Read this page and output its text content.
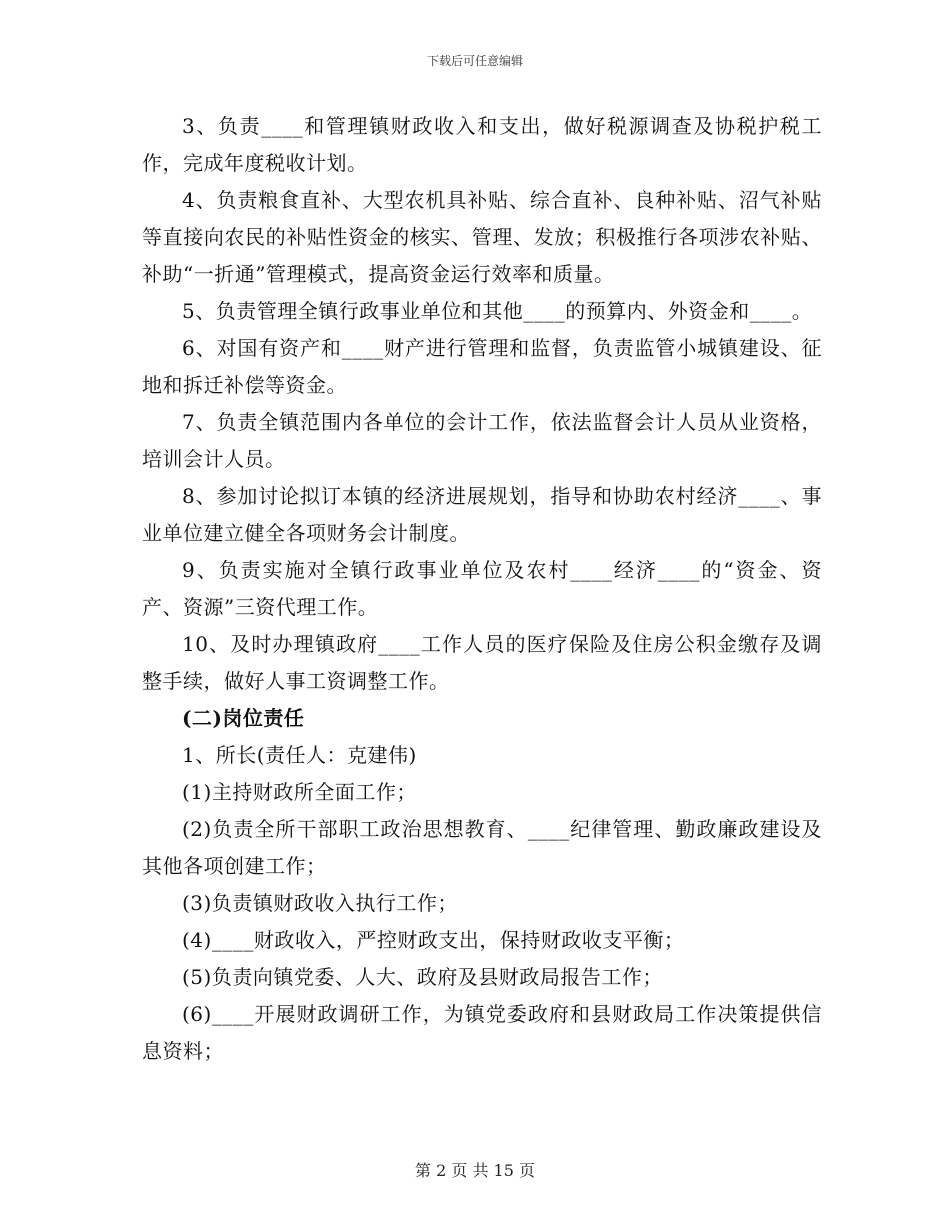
下载后可任意编辑

3、负责____和管理镇财政收入和支出，做好税源调查及协税护税工作，完成年度税收计划。

4、负责粮食直补、大型农机具补贴、综合直补、良种补贴、沼气补贴等直接向农民的补贴性资金的核实、管理、发放；积极推行各项涉农补贴、补助“一折通”管理模式，提高资金运行效率和质量。

5、负责管理全镇行政事业单位和其他____的预算内、外资金和____。

6、对国有资产和____财产进行管理和监督，负责监管小城镇建设、征地和拆迁补偿等资金。

7、负责全镇范围内各单位的会计工作，依法监督会计人员从业资格，培训会计人员。

8、参加讨论拟订本镇的经济进展规划，指导和协助农村经济____、事业单位建立健全各项财务会计制度。

9、负责实施对全镇行政事业单位及农村____经济____的“资金、资产、资源”三资代理工作。

10、及时办理镇政府____工作人员的医疗保险及住房公积金缴存及调整手续，做好人事工资调整工作。

(二)岗位责任

1、所长(责任人：克建伟)

(1)主持财政所全面工作；

(2)负责全所干部职工政治思想教育、____纪律管理、勤政廉政建设及其他各项创建工作；

(3)负责镇财政收入执行工作；

(4)____财政收入，严控财政支出，保持财政收支平衡；

(5)负责向镇党委、人大、政府及县财政局报告工作；

(6)____开展财政调研工作，为镇党委政府和县财政局工作决策提供信息资料；

第 2 页 共 15 页
